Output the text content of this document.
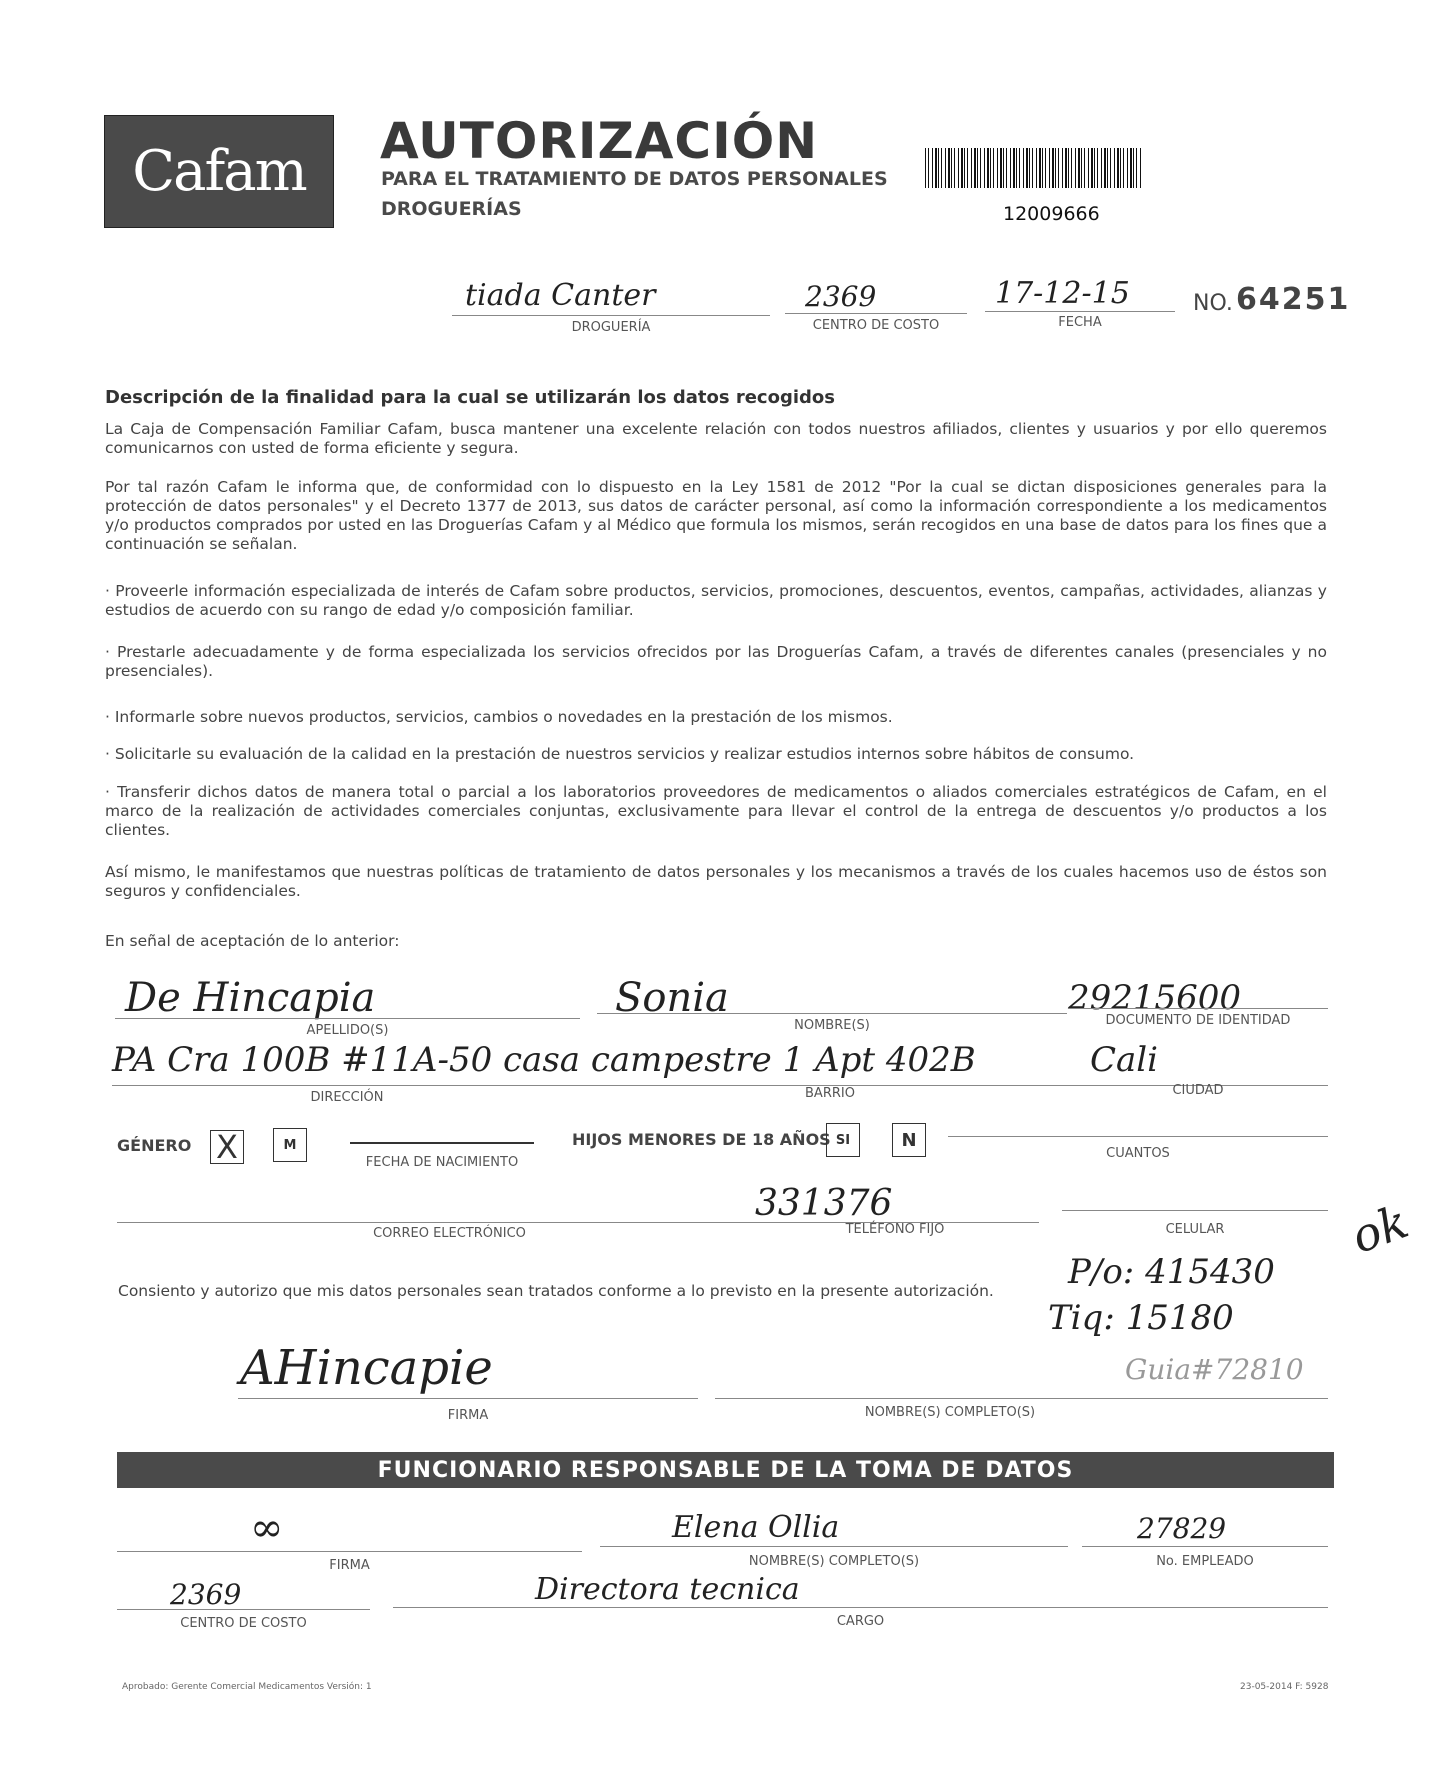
Cafam	AUTORIZACIÓN
PARA EL TRATAMIENTO DE DATOS PERSONALES
DROGUERÍAS	12009666
tiada Canter
DROGUERÍA
2369
CENTRO DE COSTO
17-12-15
FECHA
NO. 64251
Descripción de la finalidad para la cual se utilizarán los datos recogidos
La Caja de Compensación Familiar Cafam, busca mantener una excelente relación con todos nuestros afiliados, clientes y usuarios y por ello queremos comunicarnos con usted de forma eficiente y segura.
Por tal razón Cafam le informa que, de conformidad con lo dispuesto en la Ley 1581 de 2012 "Por la cual se dictan disposiciones generales para la protección de datos personales" y el Decreto 1377 de 2013, sus datos de carácter personal, así como la información correspondiente a los medicamentos y/o productos comprados por usted en las Droguerías Cafam y al Médico que formula los mismos, serán recogidos en una base de datos para los fines que a continuación se señalan.
· Proveerle información especializada de interés de Cafam sobre productos, servicios, promociones, descuentos, eventos, campañas, actividades, alianzas y estudios de acuerdo con su rango de edad y/o composición familiar.
· Prestarle adecuadamente y de forma especializada los servicios ofrecidos por las Droguerías Cafam, a través de diferentes canales (presenciales y no presenciales).
· Informarle sobre nuevos productos, servicios, cambios o novedades en la prestación de los mismos.
· Solicitarle su evaluación de la calidad en la prestación de nuestros servicios y realizar estudios internos sobre hábitos de consumo.
· Transferir dichos datos de manera total o parcial a los laboratorios proveedores de medicamentos o aliados comerciales estratégicos de Cafam, en el marco de la realización de actividades comerciales conjuntas, exclusivamente para llevar el control de la entrega de descuentos y/o productos a los clientes.
Así mismo, le manifestamos que nuestras políticas de tratamiento de datos personales y los mecanismos a través de los cuales hacemos uso de éstos son seguros y confidenciales.
En señal de aceptación de lo anterior:
De Hincapia
APELLIDO(S)
Sonia
NOMBRE(S)
29215600
DOCUMENTO DE IDENTIDAD
PA Cra 100B #11A-50 casa campestre 1 Apt 402B
DIRECCIÓN	BARRIO
Cali
CIUDAD
GÉNERO X	M
FECHA DE NACIMIENTO
HIJOS MENORES DE 18 AÑOS SI	N
CUANTOS
CORREO ELECTRÓNICO
331376
TELÉFONO FIJO	CELULAR
Consiento y autorizo que mis datos personales sean tratados conforme a lo previsto en la presente autorización.	P/o: 415430
Tiq: 15180
Guia#72810
ok
AHincapie
FIRMA	NOMBRE(S) COMPLETO(S)
FUNCIONARIO RESPONSABLE DE LA TOMA DE DATOS
∞
FIRMA
Elena Ollia
NOMBRE(S) COMPLETO(S)
27829
No. EMPLEADO
2369
CENTRO DE COSTO
Directora tecnica
CARGO
Aprobado: Gerente Comercial Medicamentos Versión: 1	23-05-2014 F: 5928
